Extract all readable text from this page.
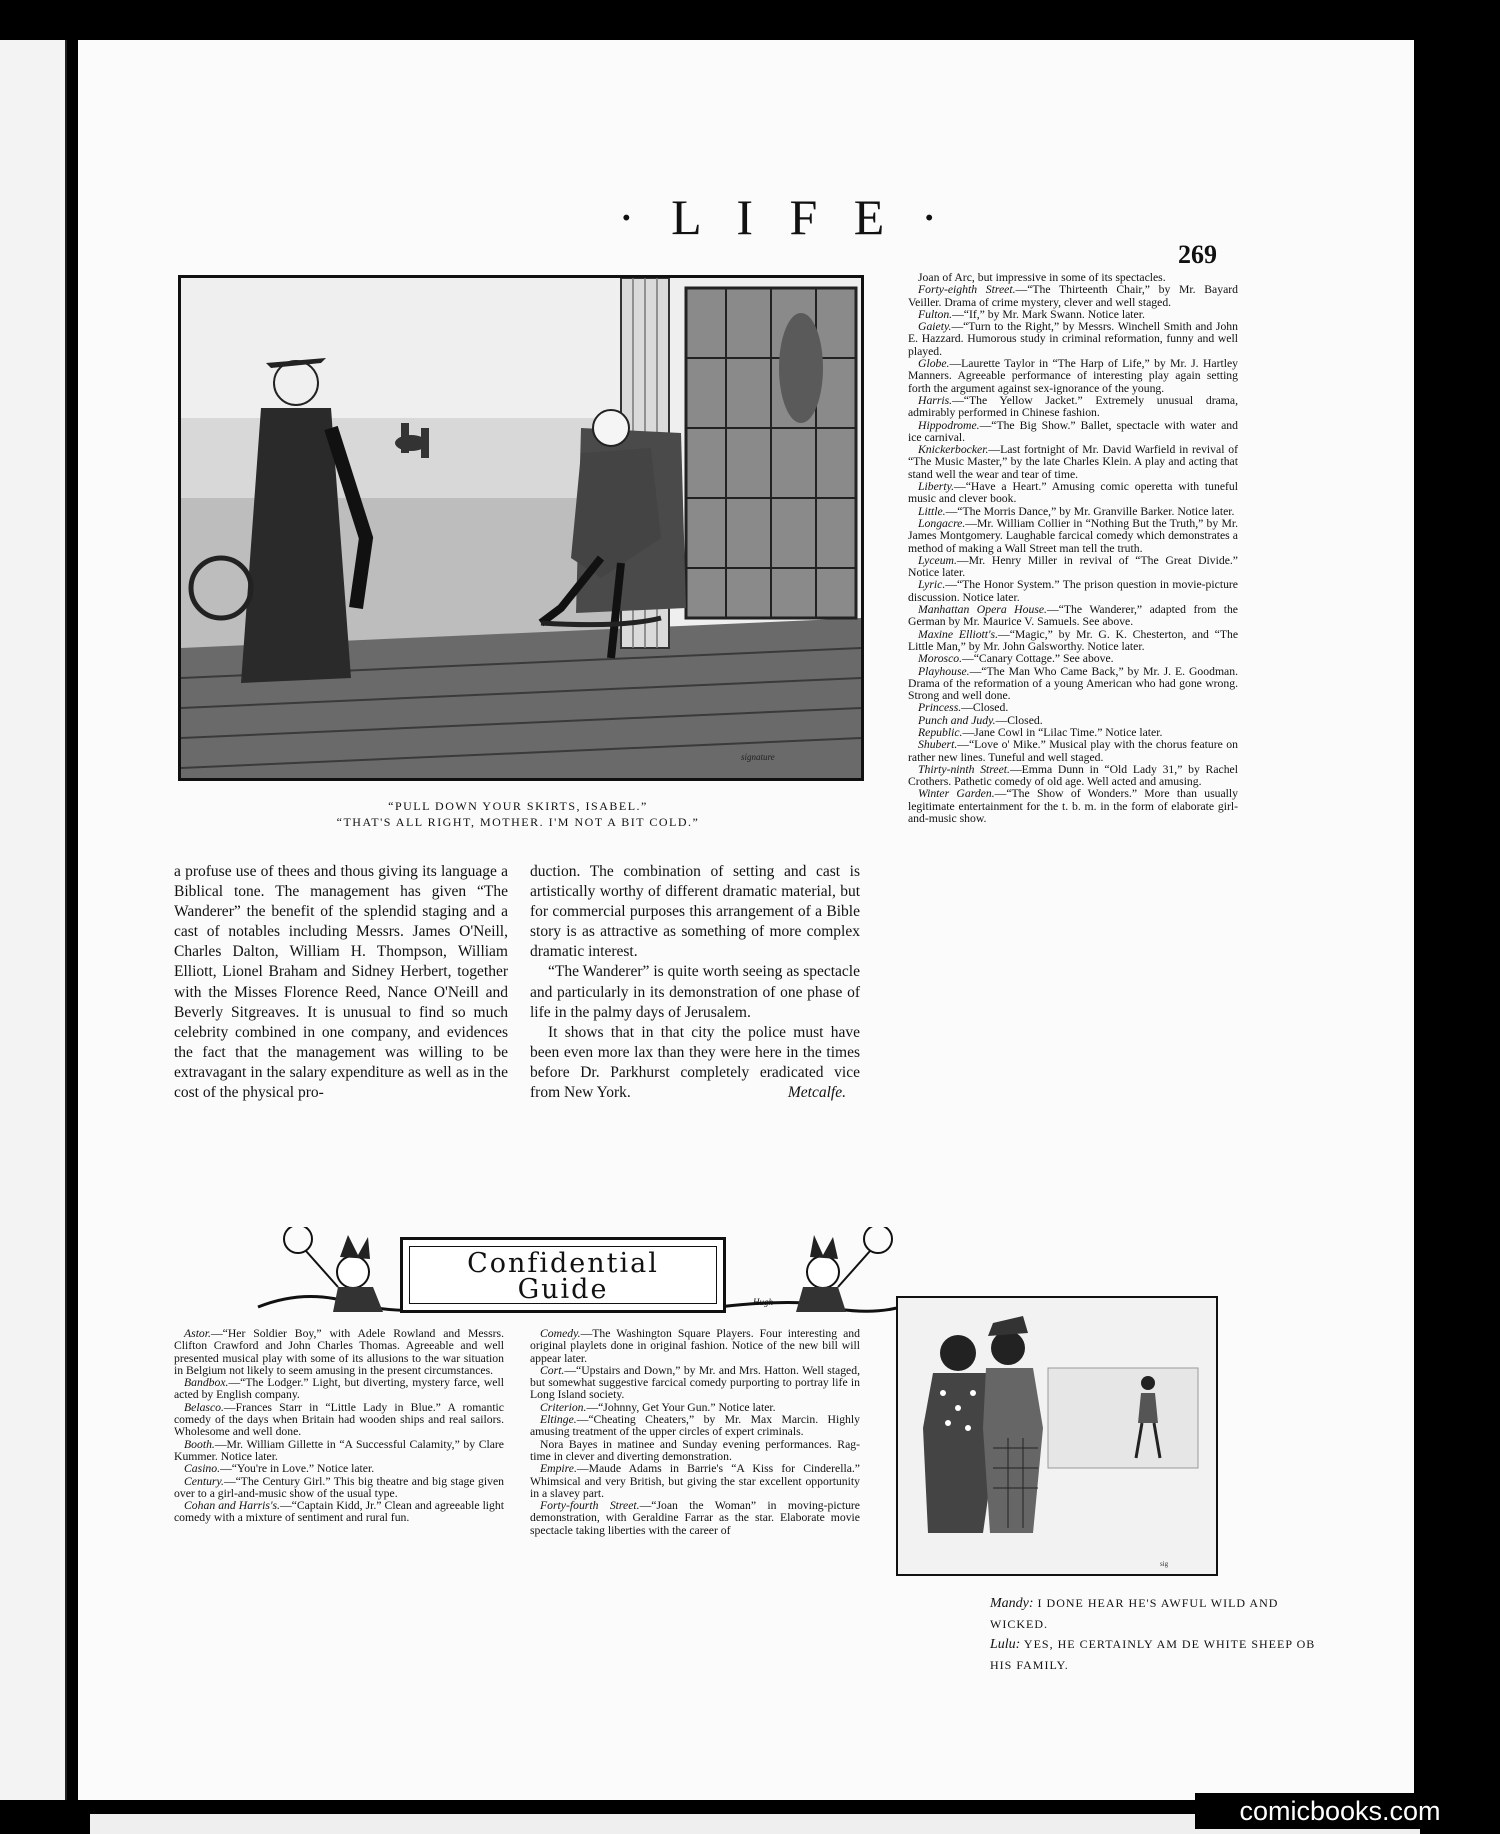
· L I F E ·
269
signature
“PULL DOWN YOUR SKIRTS, ISABEL.”
“THAT'S ALL RIGHT, MOTHER. I'M NOT A BIT COLD.”

a profuse use of thees and thous giving its language a Biblical tone. The management has given “The Wanderer” the benefit of the splendid staging and a cast of notables including Messrs. James O'Neill, Charles Dalton, William H. Thompson, William Elliott, Lionel Braham and Sidney Herbert, together with the Misses Florence Reed, Nance O'Neill and Beverly Sitgreaves. It is unusual to find so much celebrity combined in one company, and evidences the fact that the management was willing to be extravagant in the salary expenditure as well as in the cost of the physical pro-

duction. The combination of setting and cast is artistically worthy of different dramatic material, but for commercial purposes this arrangement of a Bible story is as attractive as something of more complex dramatic interest.

“The Wanderer” is quite worth seeing as spectacle and particularly in its demonstration of one phase of life in the palmy days of Jerusalem.

It shows that in that city the police must have been even more lax than they were here in the times before Dr. Parkhurst completely eradicated vice from New York.	Metcalfe.

Confidential
Guide	Hugh

Astor.—“Her Soldier Boy,” with Adele Rowland and Messrs. Clifton Crawford and John Charles Thomas. Agreeable and well presented musical play with some of its allusions to the war situation in Belgium not likely to seem amusing in the present circumstances.

Bandbox.—“The Lodger.” Light, but diverting, mystery farce, well acted by English company.

Belasco.—Frances Starr in “Little Lady in Blue.” A romantic comedy of the days when Britain had wooden ships and real sailors. Wholesome and well done.

Booth.—Mr. William Gillette in “A Successful Calamity,” by Clare Kummer. Notice later.

Casino.—“You're in Love.” Notice later.

Century.—“The Century Girl.” This big theatre and big stage given over to a girl-and-music show of the usual type.

Cohan and Harris's.—“Captain Kidd, Jr.” Clean and agreeable light comedy with a mixture of sentiment and rural fun.

Comedy.—The Washington Square Players. Four interesting and original playlets done in original fashion. Notice of the new bill will appear later.

Cort.—“Upstairs and Down,” by Mr. and Mrs. Hatton. Well staged, but somewhat suggestive farcical comedy purporting to portray life in Long Island society.

Criterion.—“Johnny, Get Your Gun.” Notice later.

Eltinge.—“Cheating Cheaters,” by Mr. Max Marcin. Highly amusing treatment of the upper circles of expert criminals.

Nora Bayes in matinee and Sunday evening performances. Rag-time in clever and diverting demonstration.

Empire.—Maude Adams in Barrie's “A Kiss for Cinderella.” Whimsical and very British, but giving the star excellent opportunity in a slavey part.

Forty-fourth Street.—“Joan the Woman” in moving-picture demonstration, with Geraldine Farrar as the star. Elaborate movie spectacle taking liberties with the career of

Joan of Arc, but impressive in some of its spectacles.

Forty-eighth Street.—“The Thirteenth Chair,” by Mr. Bayard Veiller. Drama of crime mystery, clever and well staged.

Fulton.—“If,” by Mr. Mark Swann. Notice later.

Gaiety.—“Turn to the Right,” by Messrs. Winchell Smith and John E. Hazzard. Humorous study in criminal reformation, funny and well played.

Globe.—Laurette Taylor in “The Harp of Life,” by Mr. J. Hartley Manners. Agreeable performance of interesting play again setting forth the argument against sex-ignorance of the young.

Harris.—“The Yellow Jacket.” Extremely unusual drama, admirably performed in Chinese fashion.

Hippodrome.—“The Big Show.” Ballet, spectacle with water and ice carnival.

Knickerbocker.—Last fortnight of Mr. David Warfield in revival of “The Music Master,” by the late Charles Klein. A play and acting that stand well the wear and tear of time.

Liberty.—“Have a Heart.” Amusing comic operetta with tuneful music and clever book.

Little.—“The Morris Dance,” by Mr. Granville Barker. Notice later.

Longacre.—Mr. William Collier in “Nothing But the Truth,” by Mr. James Montgomery. Laughable farcical comedy which demonstrates a method of making a Wall Street man tell the truth.

Lyceum.—Mr. Henry Miller in revival of “The Great Divide.” Notice later.

Lyric.—“The Honor System.” The prison question in movie-picture discussion. Notice later.

Manhattan Opera House.—“The Wanderer,” adapted from the German by Mr. Maurice V. Samuels. See above.

Maxine Elliott's.—“Magic,” by Mr. G. K. Chesterton, and “The Little Man,” by Mr. John Galsworthy. Notice later.

Morosco.—“Canary Cottage.” See above.

Playhouse.—“The Man Who Came Back,” by Mr. J. E. Goodman. Drama of the reformation of a young American who had gone wrong. Strong and well done.

Princess.—Closed.

Punch and Judy.—Closed.

Republic.—Jane Cowl in “Lilac Time.” Notice later.

Shubert.—“Love o' Mike.” Musical play with the chorus feature on rather new lines. Tuneful and well staged.

Thirty-ninth Street.—Emma Dunn in “Old Lady 31,” by Rachel Crothers. Pathetic comedy of old age. Well acted and amusing.

Winter Garden.—“The Show of Wonders.” More than usually legitimate entertainment for the t. b. m. in the form of elaborate girl-and-music show.

sig
Mandy: I DONE HEAR HE'S AWFUL WILD AND WICKED.
Lulu: YES, HE CERTAINLY AM DE WHITE SHEEP OB HIS FAMILY.
comicbooks.com
